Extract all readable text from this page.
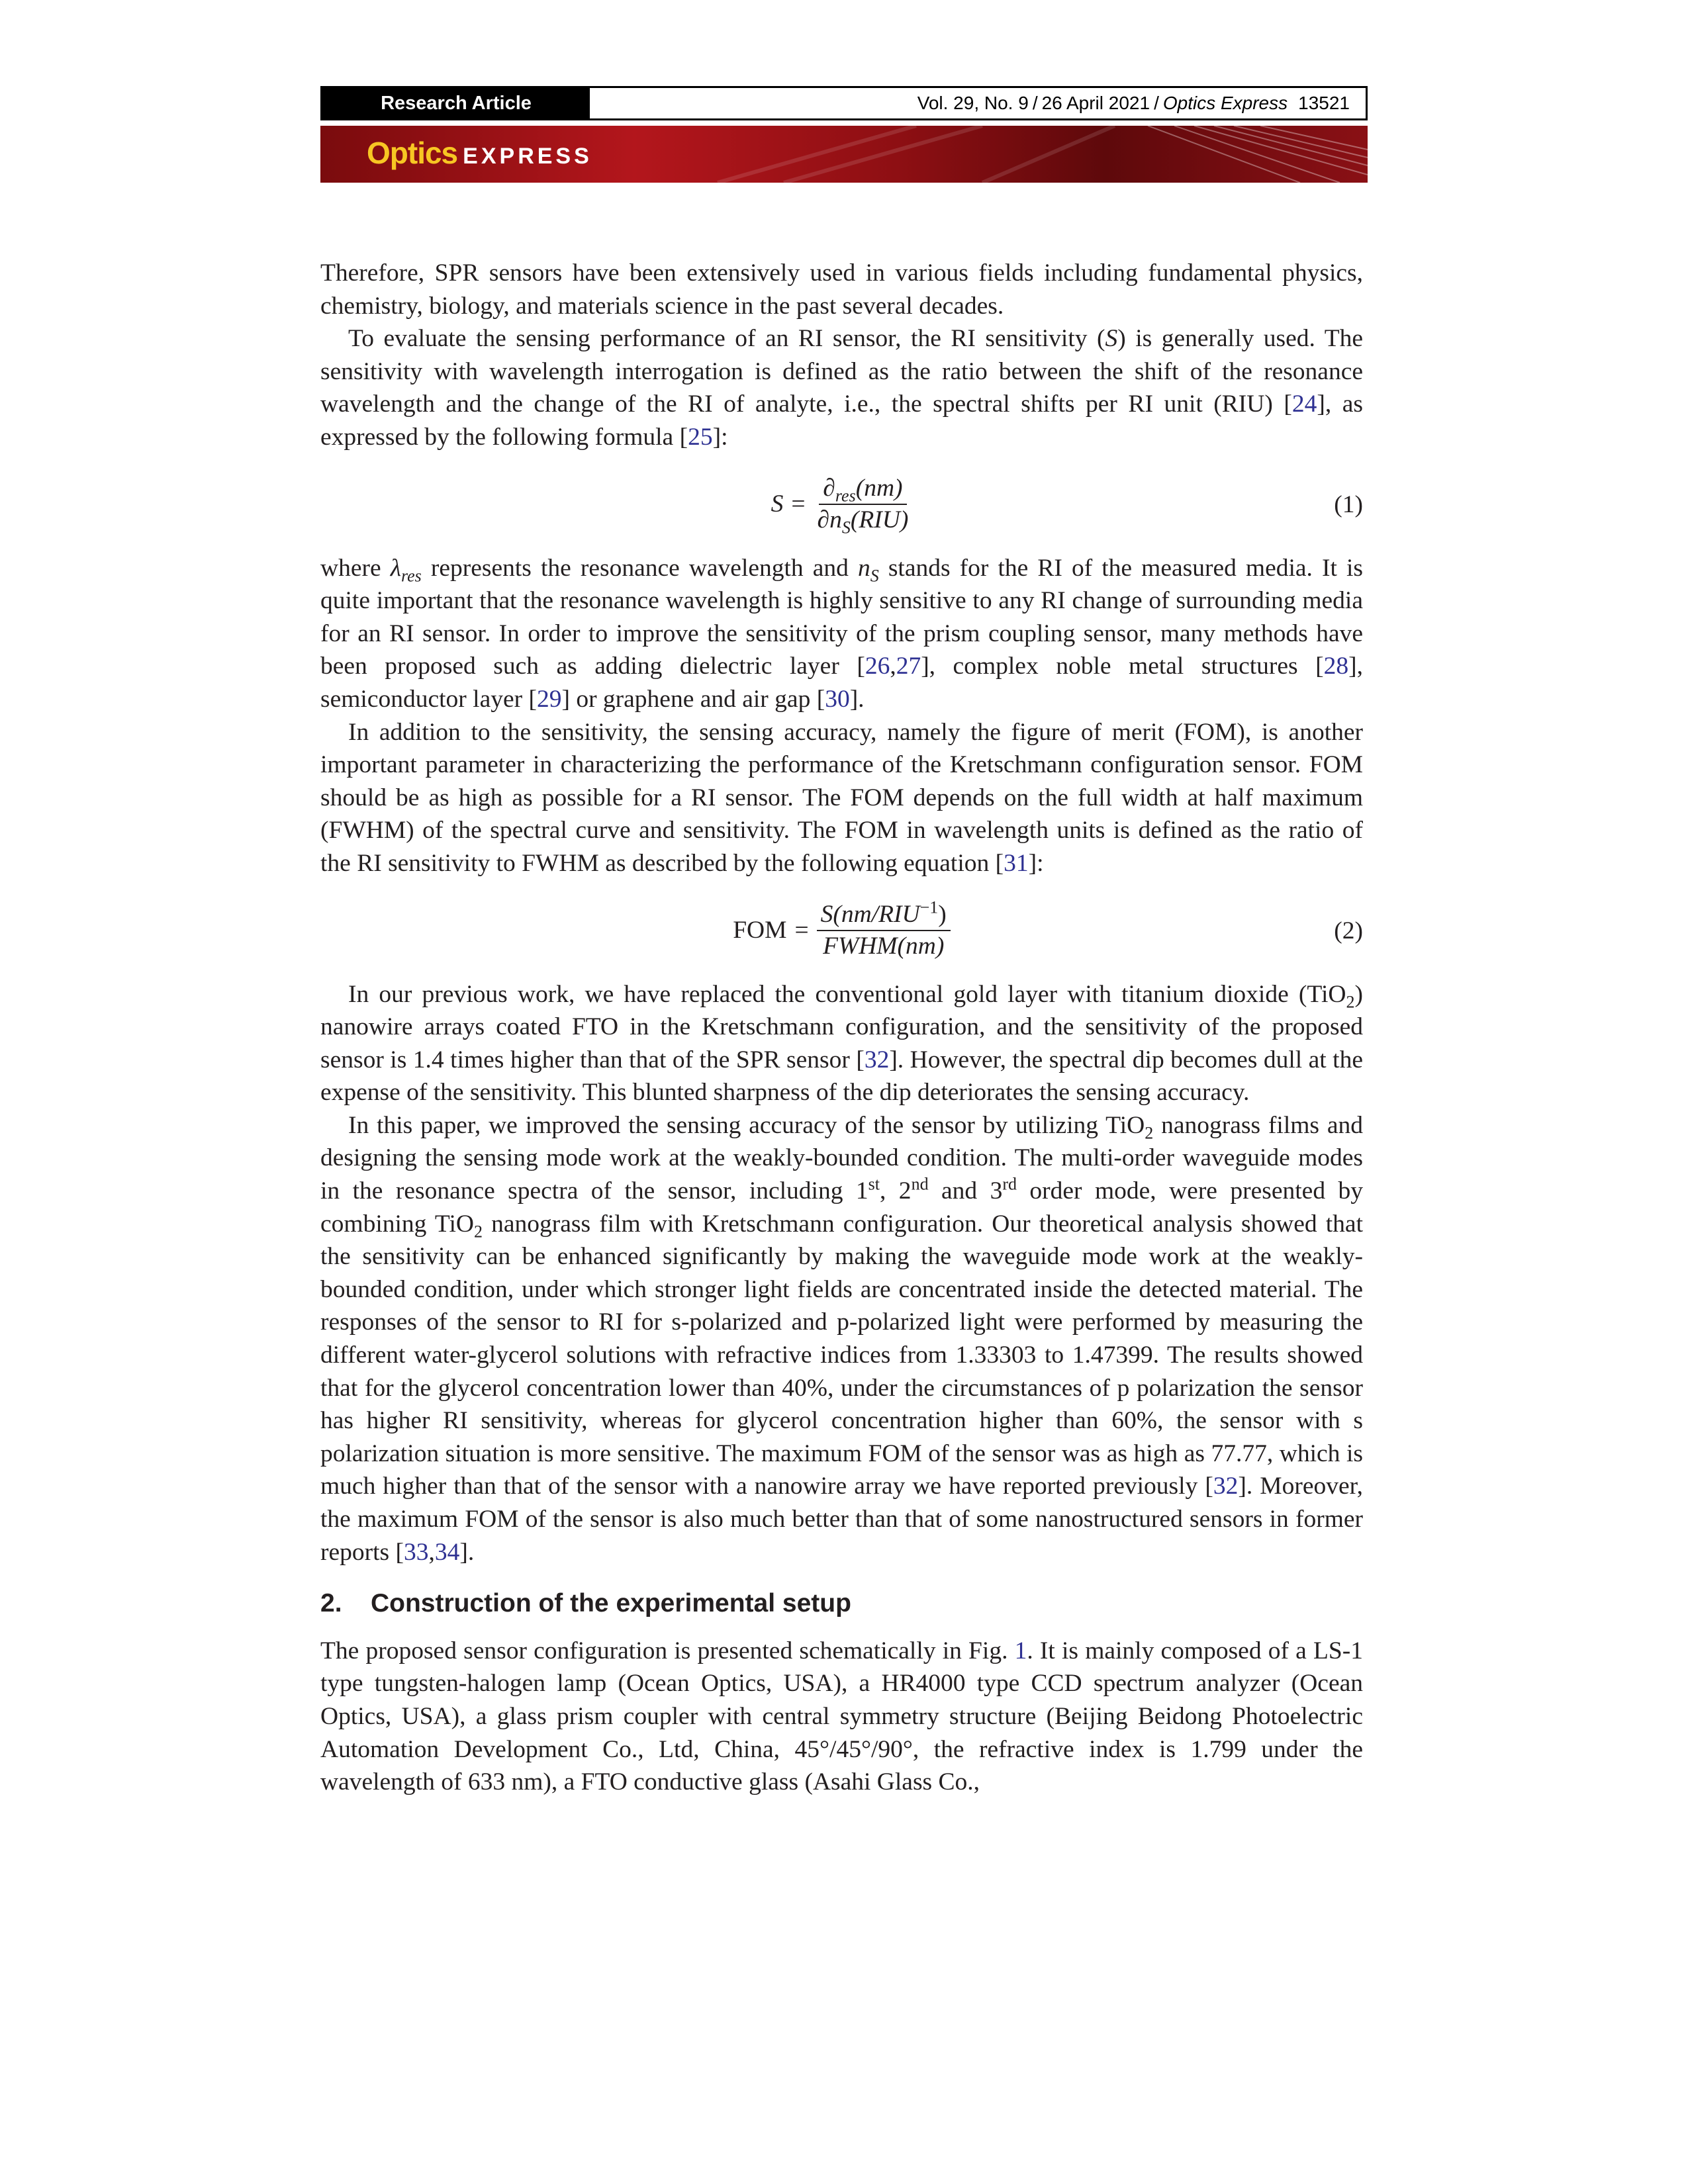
Research Article	Vol. 29, No. 9 / 26 April 2021 / Optics Express 13521
Optics EXPRESS

Therefore, SPR sensors have been extensively used in various fields including fundamental physics, chemistry, biology, and materials science in the past several decades.

To evaluate the sensing performance of an RI sensor, the RI sensitivity (S) is generally used. The sensitivity with wavelength interrogation is defined as the ratio between the shift of the resonance wavelength and the change of the RI of analyte, i.e., the spectral shifts per RI unit (RIU) [24], as expressed by the following formula [25]:

$S = \frac{\partial_{res}(nm)}{\partial n_S(RIU)}$	(1)

where $\lambda_{res}$ represents the resonance wavelength and $n_S$ stands for the RI of the measured media. It is quite important that the resonance wavelength is highly sensitive to any RI change of surrounding media for an RI sensor. In order to improve the sensitivity of the prism coupling sensor, many methods have been proposed such as adding dielectric layer [26,27], complex noble metal structures [28], semiconductor layer [29] or graphene and air gap [30].

In addition to the sensitivity, the sensing accuracy, namely the figure of merit (FOM), is another important parameter in characterizing the performance of the Kretschmann configuration sensor. FOM should be as high as possible for a RI sensor. The FOM depends on the full width at half maximum (FWHM) of the spectral curve and sensitivity. The FOM in wavelength units is defined as the ratio of the RI sensitivity to FWHM as described by the following equation [31]:

FOM = $\frac{S(nm/RIU^{-1})}{\text{FWHM(nm)}}$	(2)

In our previous work, we have replaced the conventional gold layer with titanium dioxide (TiO$_2$) nanowire arrays coated FTO in the Kretschmann configuration, and the sensitivity of the proposed sensor is 1.4 times higher than that of the SPR sensor [32]. However, the spectral dip becomes dull at the expense of the sensitivity. This blunted sharpness of the dip deteriorates the sensing accuracy.

In this paper, we improved the sensing accuracy of the sensor by utilizing TiO$_2$ nanograss films and designing the sensing mode work at the weakly-bounded condition. The multi-order waveguide modes in the resonance spectra of the sensor, including 1st, 2nd and 3rd order mode, were presented by combining TiO$_2$ nanograss film with Kretschmann configuration. Our theoretical analysis showed that the sensitivity can be enhanced significantly by making the waveguide mode work at the weakly-bounded condition, under which stronger light fields are concentrated inside the detected material. The responses of the sensor to RI for s-polarized and p-polarized light were performed by measuring the different water-glycerol solutions with refractive indices from 1.33303 to 1.47399. The results showed that for the glycerol concentration lower than 40%, under the circumstances of p polarization the sensor has higher RI sensitivity, whereas for glycerol concentration higher than 60%, the sensor with s polarization situation is more sensitive. The maximum FOM of the sensor was as high as 77.77, which is much higher than that of the sensor with a nanowire array we have reported previously [32]. Moreover, the maximum FOM of the sensor is also much better than that of some nanostructured sensors in former reports [33,34].

2.	Construction of the experimental setup

The proposed sensor configuration is presented schematically in Fig. 1. It is mainly composed of a LS-1 type tungsten-halogen lamp (Ocean Optics, USA), a HR4000 type CCD spectrum analyzer (Ocean Optics, USA), a glass prism coupler with central symmetry structure (Beijing Beidong Photoelectric Automation Development Co., Ltd, China, 45°/45°/90°, the refractive index is 1.799 under the wavelength of 633 nm), a FTO conductive glass (Asahi Glass Co.,
